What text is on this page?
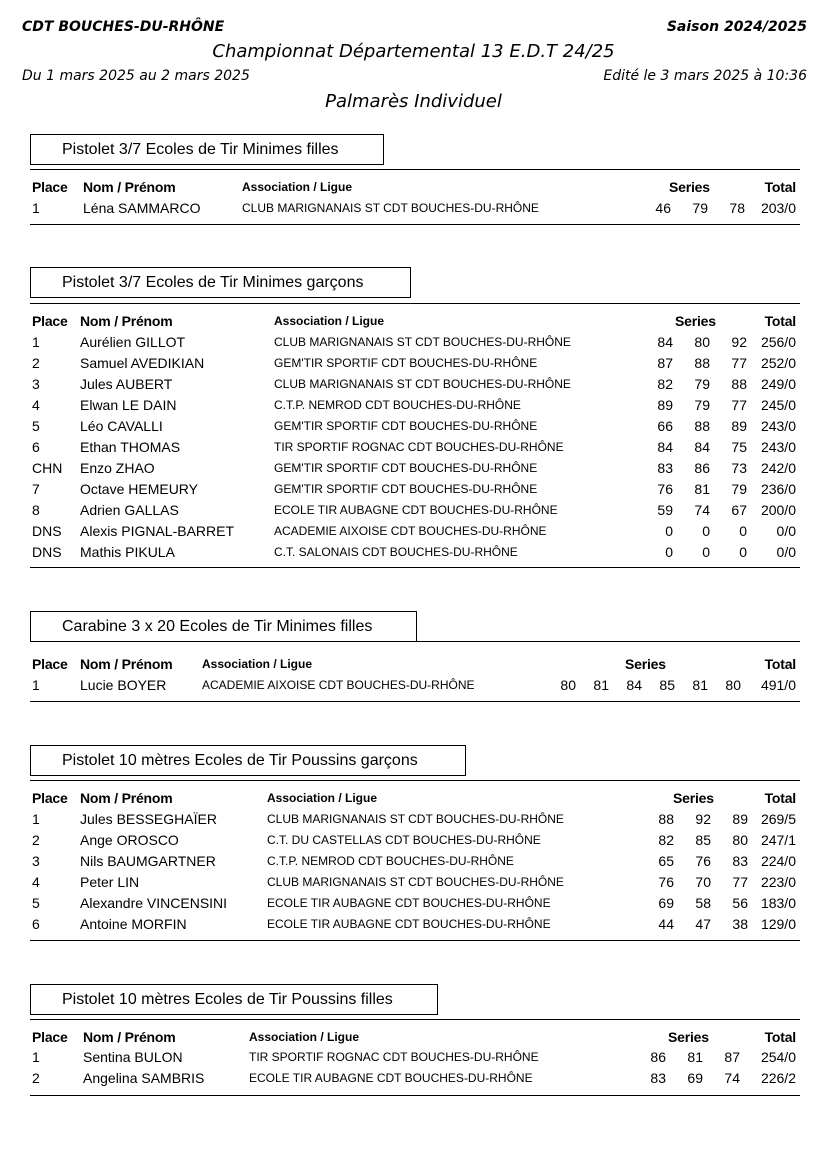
CDT BOUCHES-DU-RHÔNE	Saison 2024/2025
Championnat Départemental 13 E.D.T 24/25
Du 1 mars 2025 au 2 mars 2025	Edité le 3 mars 2025 à 10:36
Palmarès Individuel
Pistolet 3/7 Ecoles de Tir Minimes filles
Place Nom / Prénom	Association / Ligue	Series	Total
1	Léna SAMMARCO	CLUB MARIGNANAIS ST CDT BOUCHES-DU-RHÔNE	46	79	78 203/0
Pistolet 3/7 Ecoles de Tir Minimes garçons
Place Nom / Prénom	Association / Ligue	Series	Total
1	Aurélien GILLOT	CLUB MARIGNANAIS ST CDT BOUCHES-DU-RHÔNE	84	80	92 256/0
2	Samuel AVEDIKIAN	GEM'TIR SPORTIF CDT BOUCHES-DU-RHÔNE	87	88	77 252/0
3	Jules AUBERT	CLUB MARIGNANAIS ST CDT BOUCHES-DU-RHÔNE	82	79	88 249/0
4	Elwan LE DAIN	C.T.P. NEMROD CDT BOUCHES-DU-RHÔNE	89	79	77 245/0
5	Léo CAVALLI	GEM'TIR SPORTIF CDT BOUCHES-DU-RHÔNE	66	88	89 243/0
6	Ethan THOMAS	TIR SPORTIF ROGNAC CDT BOUCHES-DU-RHÔNE	84	84	75 243/0
CHN Enzo ZHAO	GEM'TIR SPORTIF CDT BOUCHES-DU-RHÔNE	83	86	73 242/0
7	Octave HEMEURY	GEM'TIR SPORTIF CDT BOUCHES-DU-RHÔNE	76	81	79 236/0
8	Adrien GALLAS	ECOLE TIR AUBAGNE CDT BOUCHES-DU-RHÔNE	59	74	67 200/0
DNS Alexis PIGNAL-BARRET	ACADEMIE AIXOISE CDT BOUCHES-DU-RHÔNE	0	0	0 0/0
DNS Mathis PIKULA	C.T. SALONAIS CDT BOUCHES-DU-RHÔNE	0	0	0 0/0
Carabine 3 x 20 Ecoles de Tir Minimes filles
Place Nom / Prénom Association / Ligue	Series	Total
1	Lucie BOYER	ACADEMIE AIXOISE CDT BOUCHES-DU-RHÔNE	80	81	84	85	81	80 491/0
Pistolet 10 mètres Ecoles de Tir Poussins garçons
Place Nom / Prénom	Association / Ligue	Series	Total
1	Jules BESSEGHAÏER	CLUB MARIGNANAIS ST CDT BOUCHES-DU-RHÔNE	88	92	89 269/5
2	Ange OROSCO	C.T. DU CASTELLAS CDT BOUCHES-DU-RHÔNE	82	85	80 247/1
3	Nils BAUMGARTNER	C.T.P. NEMROD CDT BOUCHES-DU-RHÔNE	65	76	83 224/0
4	Peter LIN	CLUB MARIGNANAIS ST CDT BOUCHES-DU-RHÔNE	76	70	77 223/0
5	Alexandre VINCENSINI	ECOLE TIR AUBAGNE CDT BOUCHES-DU-RHÔNE	69	58	56 183/0
6	Antoine MORFIN	ECOLE TIR AUBAGNE CDT BOUCHES-DU-RHÔNE	44	47	38 129/0
Pistolet 10 mètres Ecoles de Tir Poussins filles
Place Nom / Prénom	Association / Ligue	Series	Total
1	Sentina BULON	TIR SPORTIF ROGNAC CDT BOUCHES-DU-RHÔNE	86	81	87 254/0
2	Angelina SAMBRIS	ECOLE TIR AUBAGNE CDT BOUCHES-DU-RHÔNE	83	69	74 226/2
